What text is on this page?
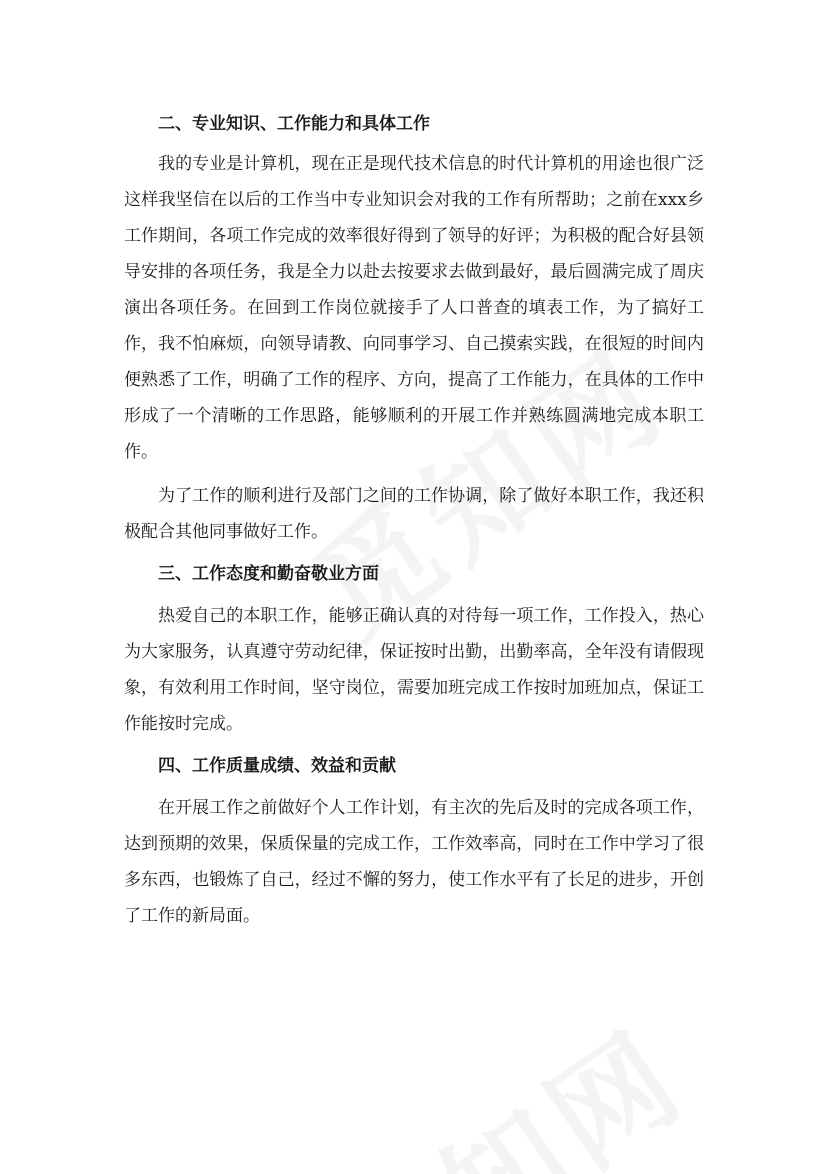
二、专业知识、工作能力和具体工作

我的专业是计算机，现在正是现代技术信息的时代计算机的用途也很广泛这样我坚信在以后的工作当中专业知识会对我的工作有所帮助；之前在xxx乡工作期间，各项工作完成的效率很好得到了领导的好评；为积极的配合好县领导安排的各项任务，我是全力以赴去按要求去做到最好，最后圆满完成了周庆演出各项任务。在回到工作岗位就接手了人口普查的填表工作，为了搞好工作，我不怕麻烦，向领导请教、向同事学习、自己摸索实践，在很短的时间内便熟悉了工作，明确了工作的程序、方向，提高了工作能力，在具体的工作中形成了一个清晰的工作思路，能够顺利的开展工作并熟练圆满地完成本职工作。

为了工作的顺利进行及部门之间的工作协调，除了做好本职工作，我还积极配合其他同事做好工作。

三、工作态度和勤奋敬业方面

热爱自己的本职工作，能够正确认真的对待每一项工作，工作投入，热心为大家服务，认真遵守劳动纪律，保证按时出勤，出勤率高，全年没有请假现象，有效利用工作时间，坚守岗位，需要加班完成工作按时加班加点，保证工作能按时完成。

四、工作质量成绩、效益和贡献

在开展工作之前做好个人工作计划，有主次的先后及时的完成各项工作，达到预期的效果，保质保量的完成工作，工作效率高，同时在工作中学习了很多东西，也锻炼了自己，经过不懈的努力，使工作水平有了长足的进步，开创了工作的新局面。
